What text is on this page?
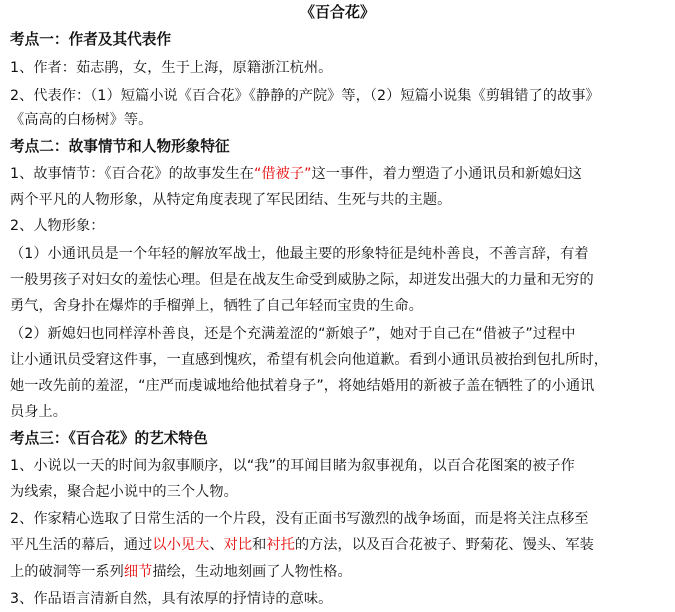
《百合花》
考点一：作者及其代表作
1、作者：茹志鹃，女，生于上海，原籍浙江杭州。
2、代表作：（1）短篇小说《百合花》《静静的产院》等，（2）短篇小说集《剪辑错了的故事》
《高高的白杨树》等。
考点二：故事情节和人物形象特征
1、故事情节：《百合花》的故事发生在“借被子”这一事件，着力塑造了小通讯员和新媳妇这
两个平凡的人物形象，从特定角度表现了军民团结、生死与共的主题。
2、人物形象：
（1）小通讯员是一个年轻的解放军战士，他最主要的形象特征是纯朴善良，不善言辞，有着
一般男孩子对妇女的羞怯心理。但是在战友生命受到威胁之际，却迸发出强大的力量和无穷的
勇气，舍身扑在爆炸的手榴弹上，牺牲了自己年轻而宝贵的生命。
（2）新媳妇也同样淳朴善良，还是个充满羞涩的“新娘子”，她对于自己在“借被子”过程中
让小通讯员受窘这件事，一直感到愧疚，希望有机会向他道歉。看到小通讯员被抬到包扎所时，
她一改先前的羞涩，“庄严而虔诚地给他拭着身子”，将她结婚用的新被子盖在牺牲了的小通讯
员身上。
考点三：《百合花》的艺术特色
1、小说以一天的时间为叙事顺序，以“我”的耳闻目睹为叙事视角，以百合花图案的被子作
为线索，聚合起小说中的三个人物。
2、作家精心选取了日常生活的一个片段，没有正面书写激烈的战争场面，而是将关注点移至
平凡生活的幕后，通过以小见大、对比和衬托的方法，以及百合花被子、野菊花、馒头、军装
上的破洞等一系列细节描绘，生动地刻画了人物性格。
3、作品语言清新自然，具有浓厚的抒情诗的意味。
